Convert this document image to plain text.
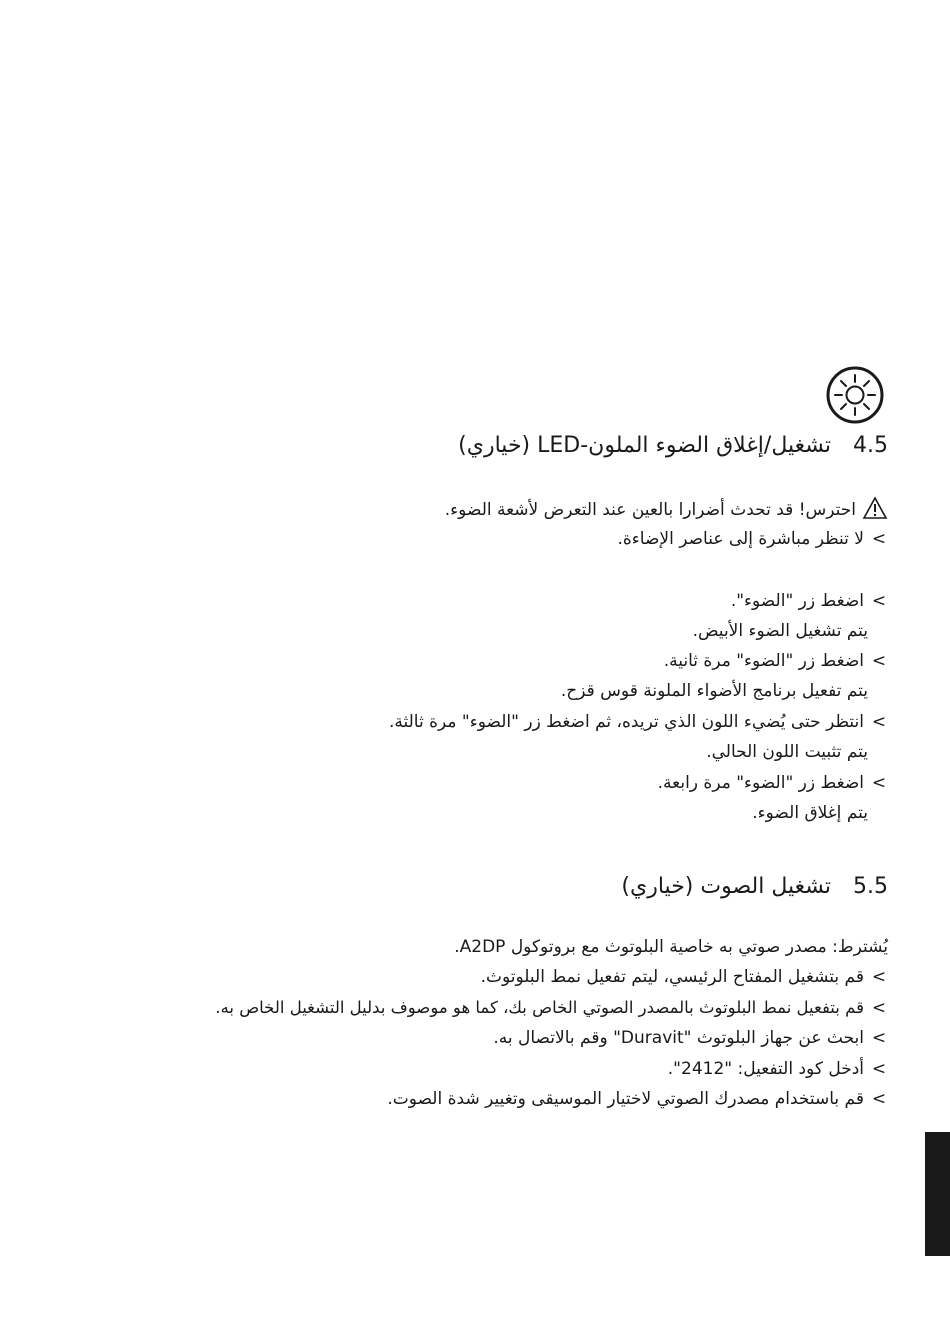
4.5تشغيل/إغلاق الضوء الملون-LED (خياري)
احترس! قد تحدث أضرارا بالعين عند التعرض لأشعة الضوء.
>لا تنظر مباشرة إلى عناصر الإضاءة.
>اضغط زر "الضوء".
يتم تشغيل الضوء الأبيض.
>اضغط زر "الضوء" مرة ثانية.
يتم تفعيل برنامج الأضواء الملونة قوس قزح.
>انتظر حتى يُضيء اللون الذي تريده، ثم اضغط زر "الضوء" مرة ثالثة.
يتم تثبيت اللون الحالي.
>اضغط زر "الضوء" مرة رابعة.
يتم إغلاق الضوء.
5.5تشغيل الصوت (خياري)
يُشترط: مصدر صوتي به خاصية البلوتوث مع بروتوكول A2DP.
>قم بتشغيل المفتاح الرئيسي، ليتم تفعيل نمط البلوتوث.
>قم بتفعيل نمط البلوتوث بالمصدر الصوتي الخاص بك، كما هو موصوف بدليل التشغيل الخاص به.
>ابحث عن جهاز البلوتوث "Duravit" وقم بالاتصال به.
>أدخل كود التفعيل: "2412".
>قم باستخدام مصدرك الصوتي لاختيار الموسيقى وتغيير شدة الصوت.
